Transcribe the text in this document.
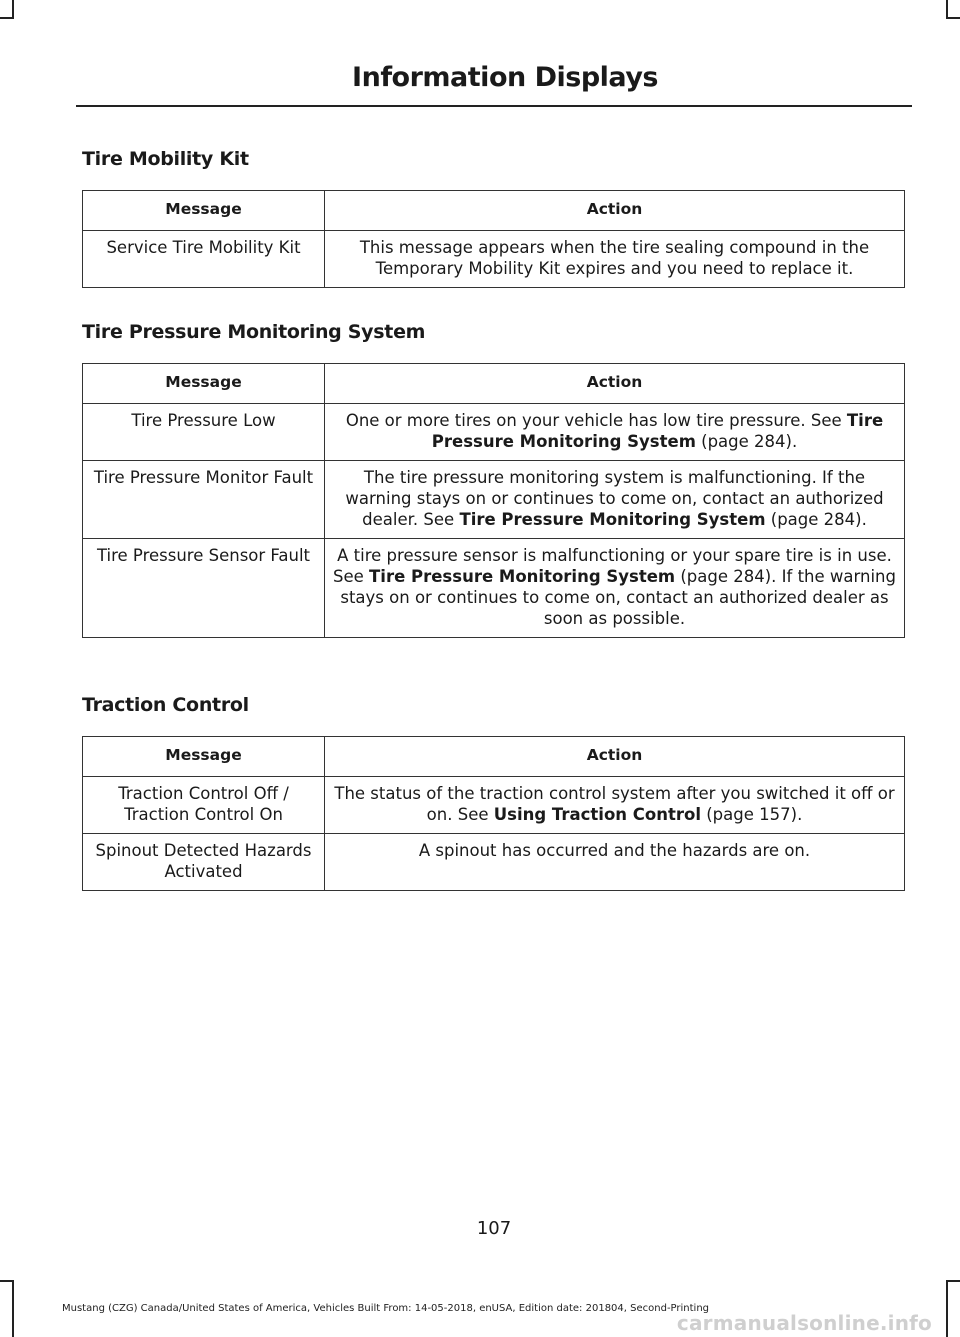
Information Displays
Tire Mobility Kit
Message	Action
Service Tire Mobility Kit	This message appears when the tire sealing compound in the Temporary Mobility Kit expires and you need to replace it.
Tire Pressure Monitoring System
Message	Action
Tire Pressure Low	One or more tires on your vehicle has low tire pressure. See Tire Pressure Monitoring System (page 284).
Tire Pressure Monitor Fault	The tire pressure monitoring system is malfunctioning. If the warning stays on or continues to come on, contact an authorized dealer. See Tire Pressure Monitoring System (page 284).
Tire Pressure Sensor Fault	A tire pressure sensor is malfunctioning or your spare tire is in use. See Tire Pressure Monitoring System (page 284). If the warning stays on or continues to come on, contact an authorized dealer as soon as possible.
Traction Control
Message	Action
Traction Control Off / Traction Control On	The status of the traction control system after you switched it off or on. See Using Traction Control (page 157).
Spinout Detected Hazards Activated	A spinout has occurred and the hazards are on.
107
Mustang (CZG) Canada/United States of America, Vehicles Built From: 14-05-2018, enUSA, Edition date: 201804, Second-Printing
carmanualsonline.info
